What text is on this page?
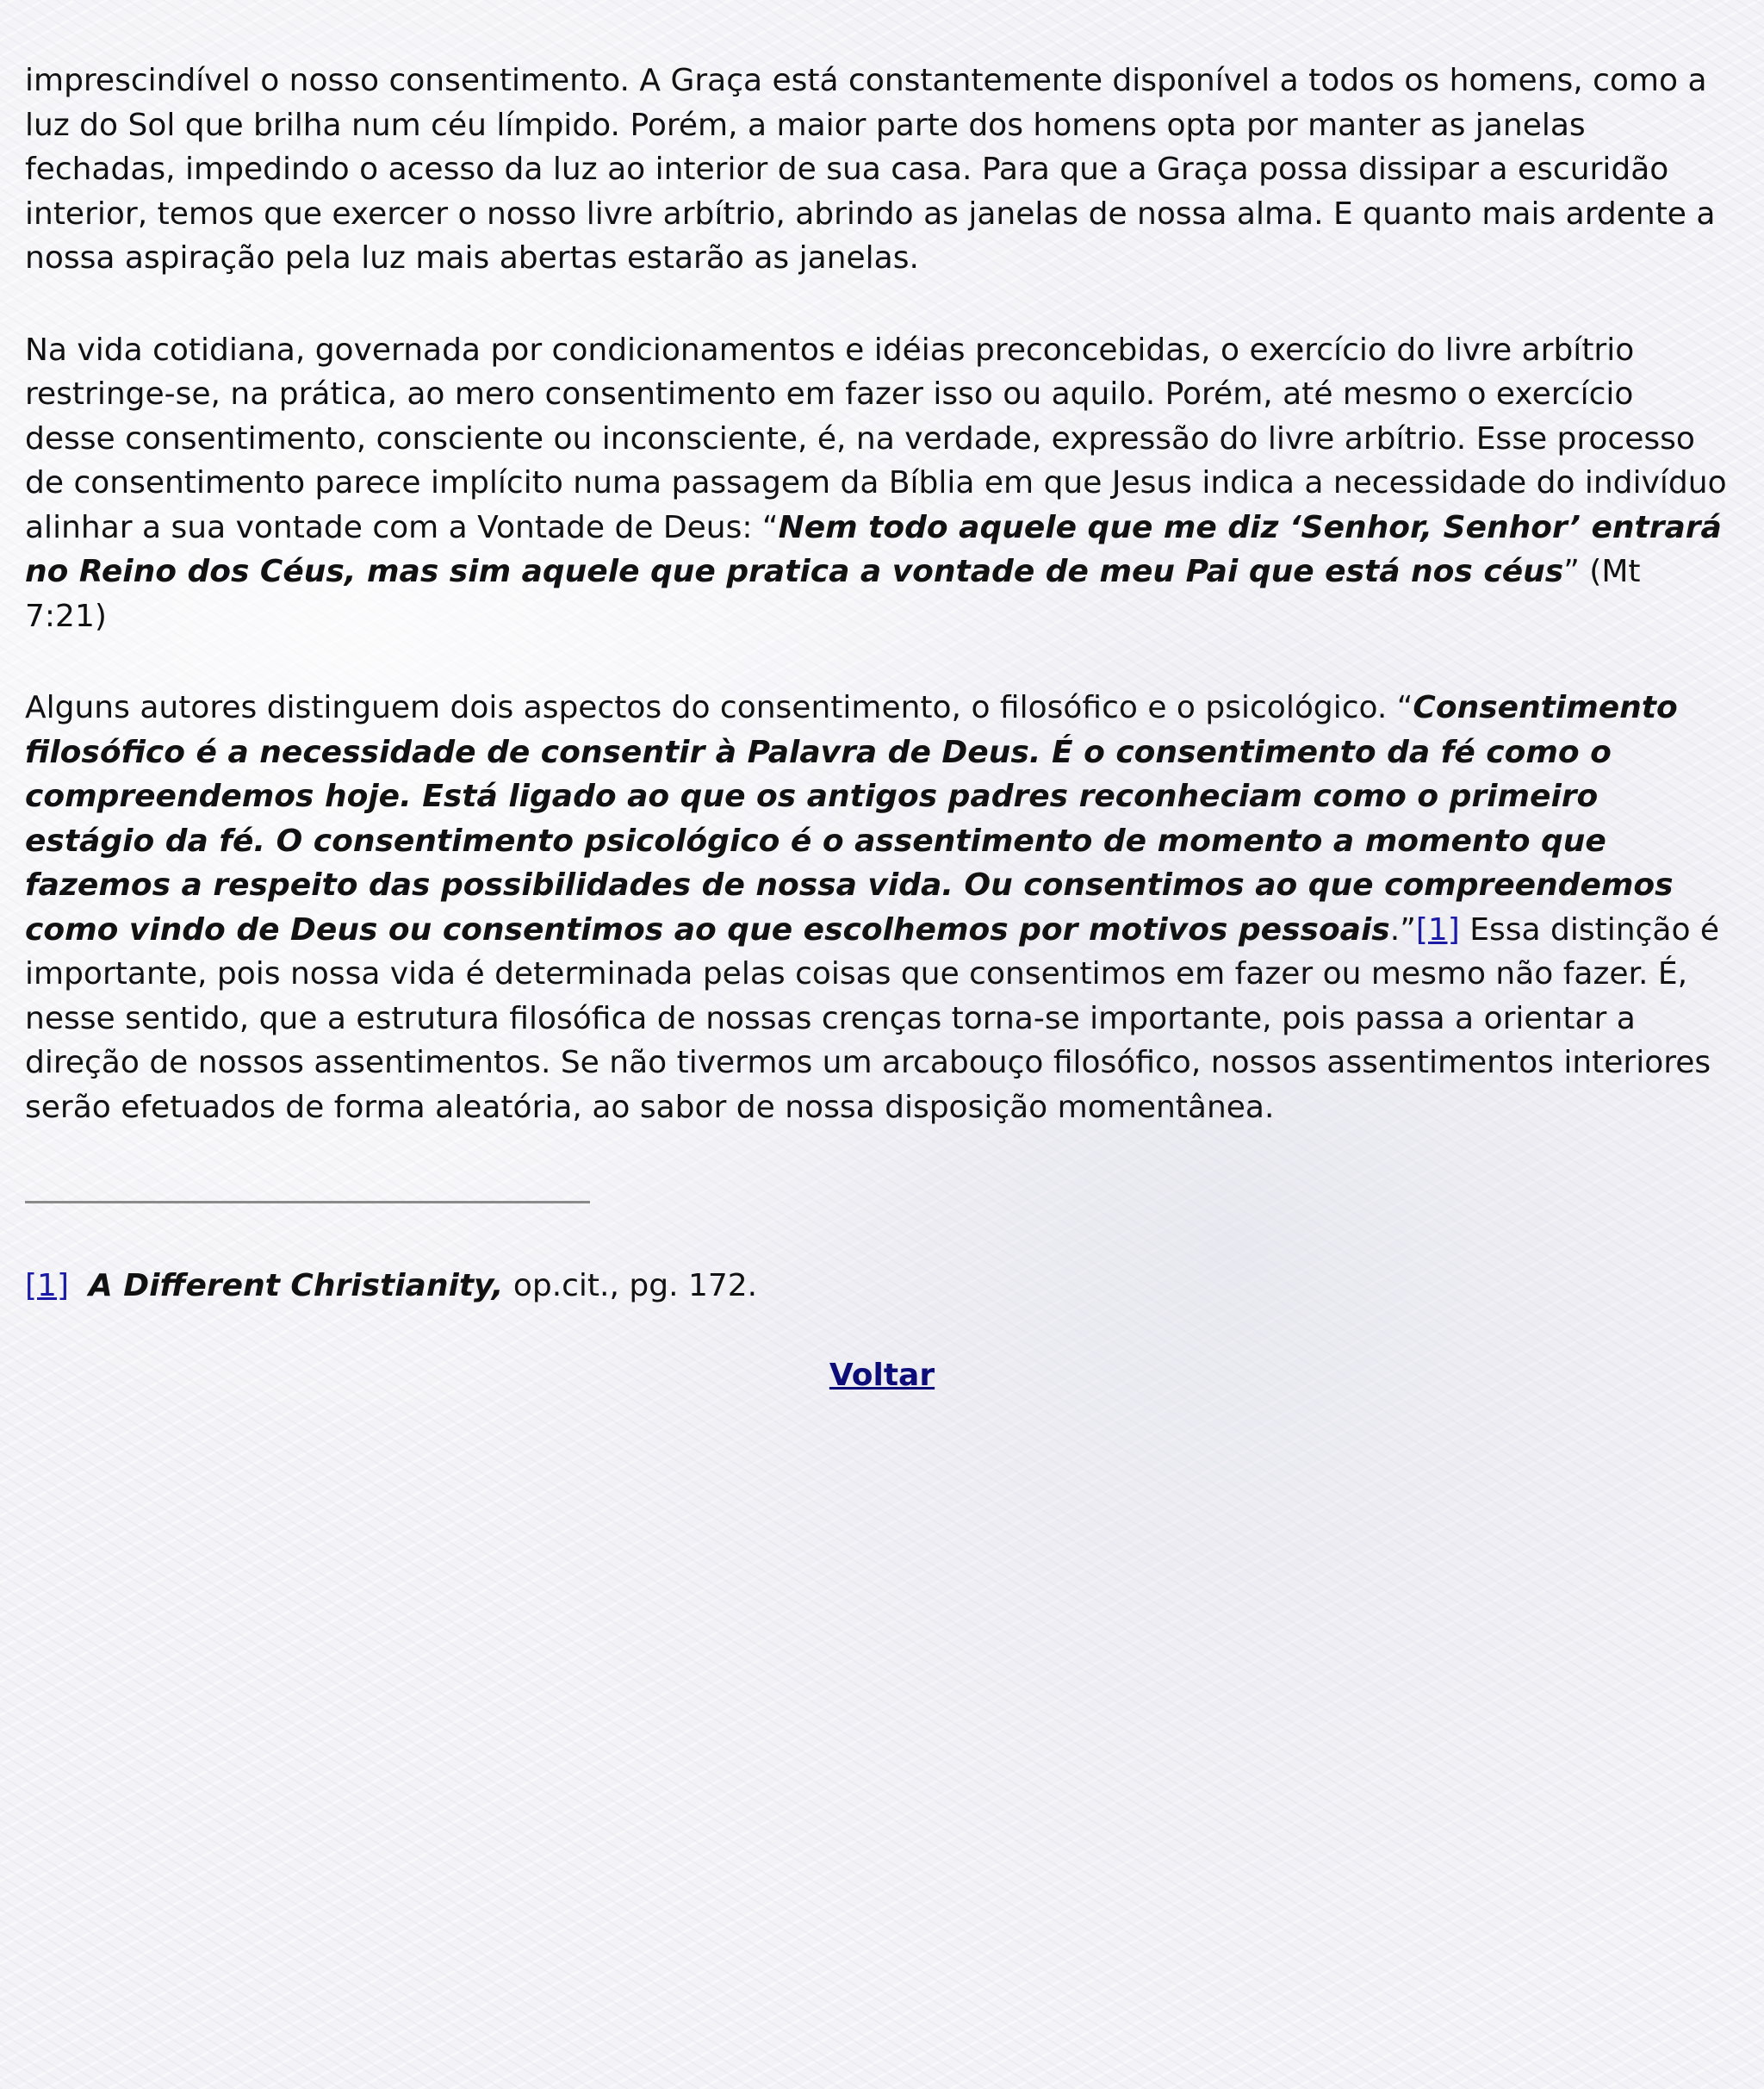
imprescindível o nosso consentimento. A Graça está constantemente disponível a todos os homens, como a luz do Sol que brilha num céu límpido. Porém, a maior parte dos homens opta por manter as janelas fechadas, impedindo o acesso da luz ao interior de sua casa. Para que a Graça possa dissipar a escuridão interior, temos que exercer o nosso livre arbítrio, abrindo as janelas de nossa alma. E quanto mais ardente a nossa aspiração pela luz mais abertas estarão as janelas.

Na vida cotidiana, governada por condicionamentos e idéias preconcebidas, o exercício do livre arbítrio restringe-se, na prática, ao mero consentimento em fazer isso ou aquilo. Porém, até mesmo o exercício desse consentimento, consciente ou inconsciente, é, na verdade, expressão do livre arbítrio. Esse processo de consentimento parece implícito numa passagem da Bíblia em que Jesus indica a necessidade do indivíduo alinhar a sua vontade com a Vontade de Deus: “Nem todo aquele que me diz ‘Senhor, Senhor’ entrará no Reino dos Céus, mas sim aquele que pratica a vontade de meu Pai que está nos céus” (Mt 7:21)

Alguns autores distinguem dois aspectos do consentimento, o filosófico e o psicológico. “Consentimento filosófico é a necessidade de consentir à Palavra de Deus. É o consentimento da fé como o compreendemos hoje. Está ligado ao que os antigos padres reconheciam como o primeiro estágio da fé. O consentimento psicológico é o assentimento de momento a momento que fazemos a respeito das possibilidades de nossa vida. Ou consentimos ao que compreendemos como vindo de Deus ou consentimos ao que escolhemos por motivos pessoais.”[1] Essa distinção é importante, pois nossa vida é determinada pelas coisas que consentimos em fazer ou mesmo não fazer. É, nesse sentido, que a estrutura filosófica de nossas crenças torna-se importante, pois passa a orientar a direção de nossos assentimentos. Se não tivermos um arcabouço filosófico, nossos assentimentos interiores serão efetuados de forma aleatória, ao sabor de nossa disposição momentânea.

[1] A Different Christianity, op.cit., pg. 172.
Voltar
